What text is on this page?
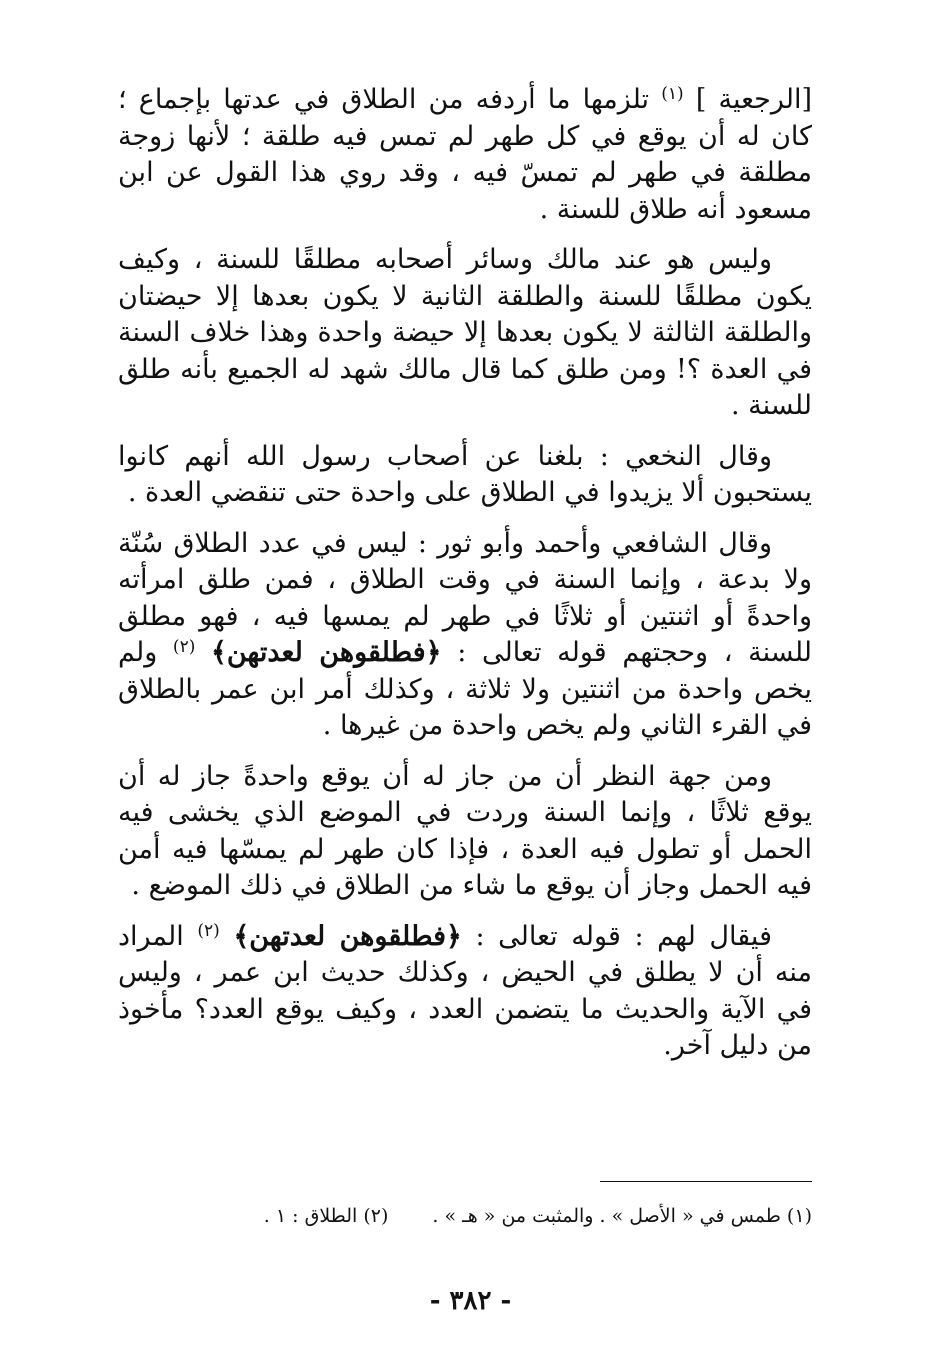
[الرجعية ] $^{(١)}$ تلزمها ما أردفه من الطلاق في عدتها بإجماع ؛ كان له أن يوقع في كل طهر لم تمس فيه طلقة ؛ لأنها زوجة مطلقة في طهر لم تمسّ فيه ، وقد روي هذا القول عن ابن مسعود أنه طلاق للسنة .

وليس هو عند مالك وسائر أصحابه مطلقًا للسنة ، وكيف يكون مطلقًا للسنة والطلقة الثانية لا يكون بعدها إلا حيضتان والطلقة الثالثة لا يكون بعدها إلا حيضة واحدة وهذا خلاف السنة في العدة ؟! ومن طلق كما قال مالك شهد له الجميع بأنه طلق للسنة .

وقال النخعي : بلغنا عن أصحاب رسول الله أنهم كانوا يستحبون ألا يزيدوا في الطلاق على واحدة حتى تنقضي العدة .

وقال الشافعي وأحمد وأبو ثور : ليس في عدد الطلاق سُنّة ولا بدعة ، وإنما السنة في وقت الطلاق ، فمن طلق امرأته واحدةً أو اثنتين أو ثلاثًا في طهر لم يمسها فيه ، فهو مطلق للسنة ، وحجتهم قوله تعالى : ﴿فطلقوهن لعدتهن﴾ $^{(٢)}$ ولم يخص واحدة من اثنتين ولا ثلاثة ، وكذلك أمر ابن عمر بالطلاق في القرء الثاني ولم يخص واحدة من غيرها .

ومن جهة النظر أن من جاز له أن يوقع واحدةً جاز له أن يوقع ثلاثًا ، وإنما السنة وردت في الموضع الذي يخشى فيه الحمل أو تطول فيه العدة ، فإذا كان طهر لم يمسّها فيه أمن فيه الحمل وجاز أن يوقع ما شاء من الطلاق في ذلك الموضع .

فيقال لهم : قوله تعالى : ﴿فطلقوهن لعدتهن﴾ $^{(٢)}$ المراد منه أن لا يطلق في الحيض ، وكذلك حديث ابن عمر ، وليس في الآية والحديث ما يتضمن العدد ، وكيف يوقع العدد؟ مأخوذ من دليل آخر.

(١) طمس في « الأصل » . والمثبت من « هـ » .(٢) الطلاق : ١ .
- ٣٨٢ -
